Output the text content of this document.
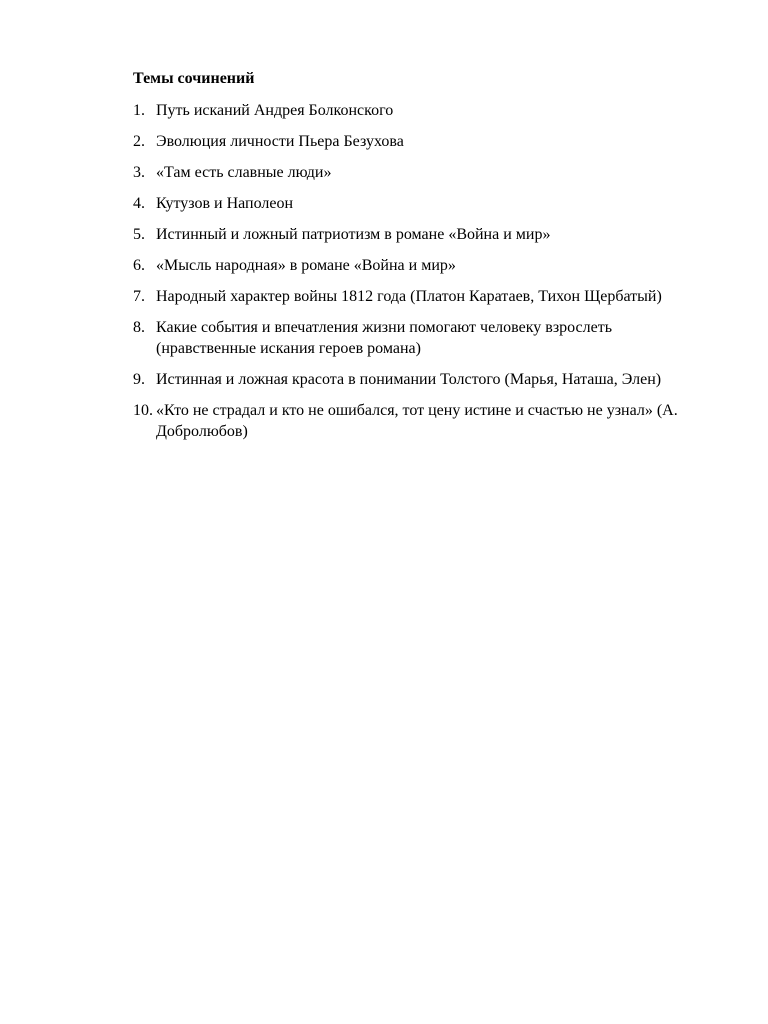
Темы сочинений
1. Путь исканий Андрея Болконского
2. Эволюция личности Пьера Безухова
3. «Там есть славные люди»
4. Кутузов и Наполеон
5. Истинный и ложный патриотизм в романе «Война и мир»
6. «Мысль народная» в романе «Война и мир»
7. Народный характер войны 1812 года (Платон Каратаев, Тихон Щербатый)
8. Какие события и впечатления жизни помогают человеку взрослеть (нравственные искания героев романа)
9. Истинная и ложная красота в понимании Толстого (Марья, Наташа, Элен)
10. «Кто не страдал и кто не ошибался, тот цену истине и счастью не узнал» (А. Добролюбов)
